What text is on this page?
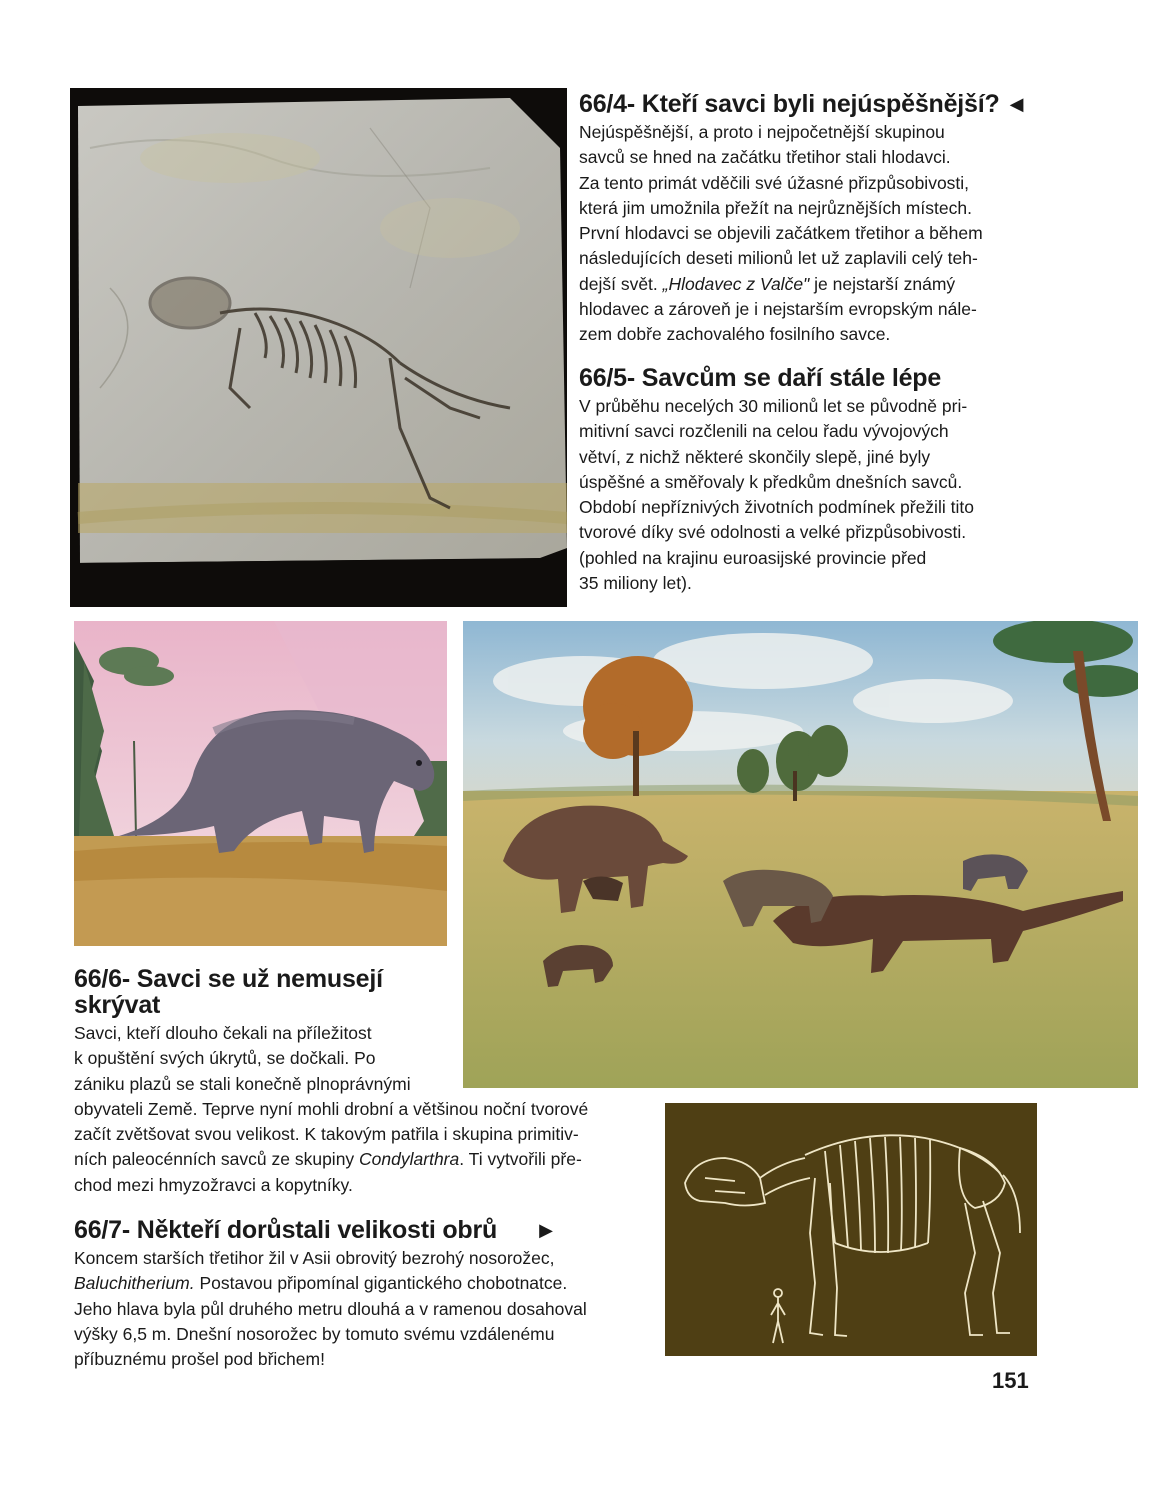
66/4- Kteří savci byli nejúspěšnější? ◀

Nejúspěšnější, a proto i nejpočetnější skupinou
savců se hned na začátku třetihor stali hlodavci.
Za tento primát vděčili své úžasné přizpůsobivosti,
která jim umožnila přežít na nejrůznějších místech.
První hlodavci se objevili začátkem třetihor a během
následujících deseti milionů let už zaplavili celý teh-
dejší svět. „Hlodavec z Valče" je nejstarší známý
hlodavec a zároveň je i nejstarším evropským nále-
zem dobře zachovalého fosilního savce.

66/5- Savcům se daří stále lépe

V průběhu necelých 30 milionů let se původně pri-
mitivní savci rozčlenili na celou řadu vývojových
větví, z nichž některé skončily slepě, jiné byly
úspěšné a směřovaly k předkům dnešních savců.
Období nepříznivých životních podmínek přežili tito
tvorové díky své odolnosti a velké přizpůsobivosti.
(pohled na krajinu euroasijské provincie před
35 miliony let).

66/6- Savci se už nemusejí
skrývat

Savci, kteří dlouho čekali na příležitost
k opuštění svých úkrytů, se dočkali. Po
zániku plazů se stali konečně plnoprávnými
obyvateli Země. Teprve nyní mohli drobní a většinou noční tvorové
začít zvětšovat svou velikost. K takovým patřila i skupina primitiv-
ních paleocénních savců ze skupiny Condylarthra. Ti vytvořili pře-
chod mezi hmyzožravci a kopytníky.

66/7- Někteří dorůstali velikosti obrů ▶

Koncem starších třetihor žil v Asii obrovitý bezrohý nosorožec,
Baluchitherium. Postavou připomínal gigantického chobotnatce.
Jeho hlava byla půl druhého metru dlouhá a v ramenou dosahoval
výšky 6,5 m. Dnešní nosorožec by tomuto svému vzdálenému
příbuznému prošel pod břichem!

151
